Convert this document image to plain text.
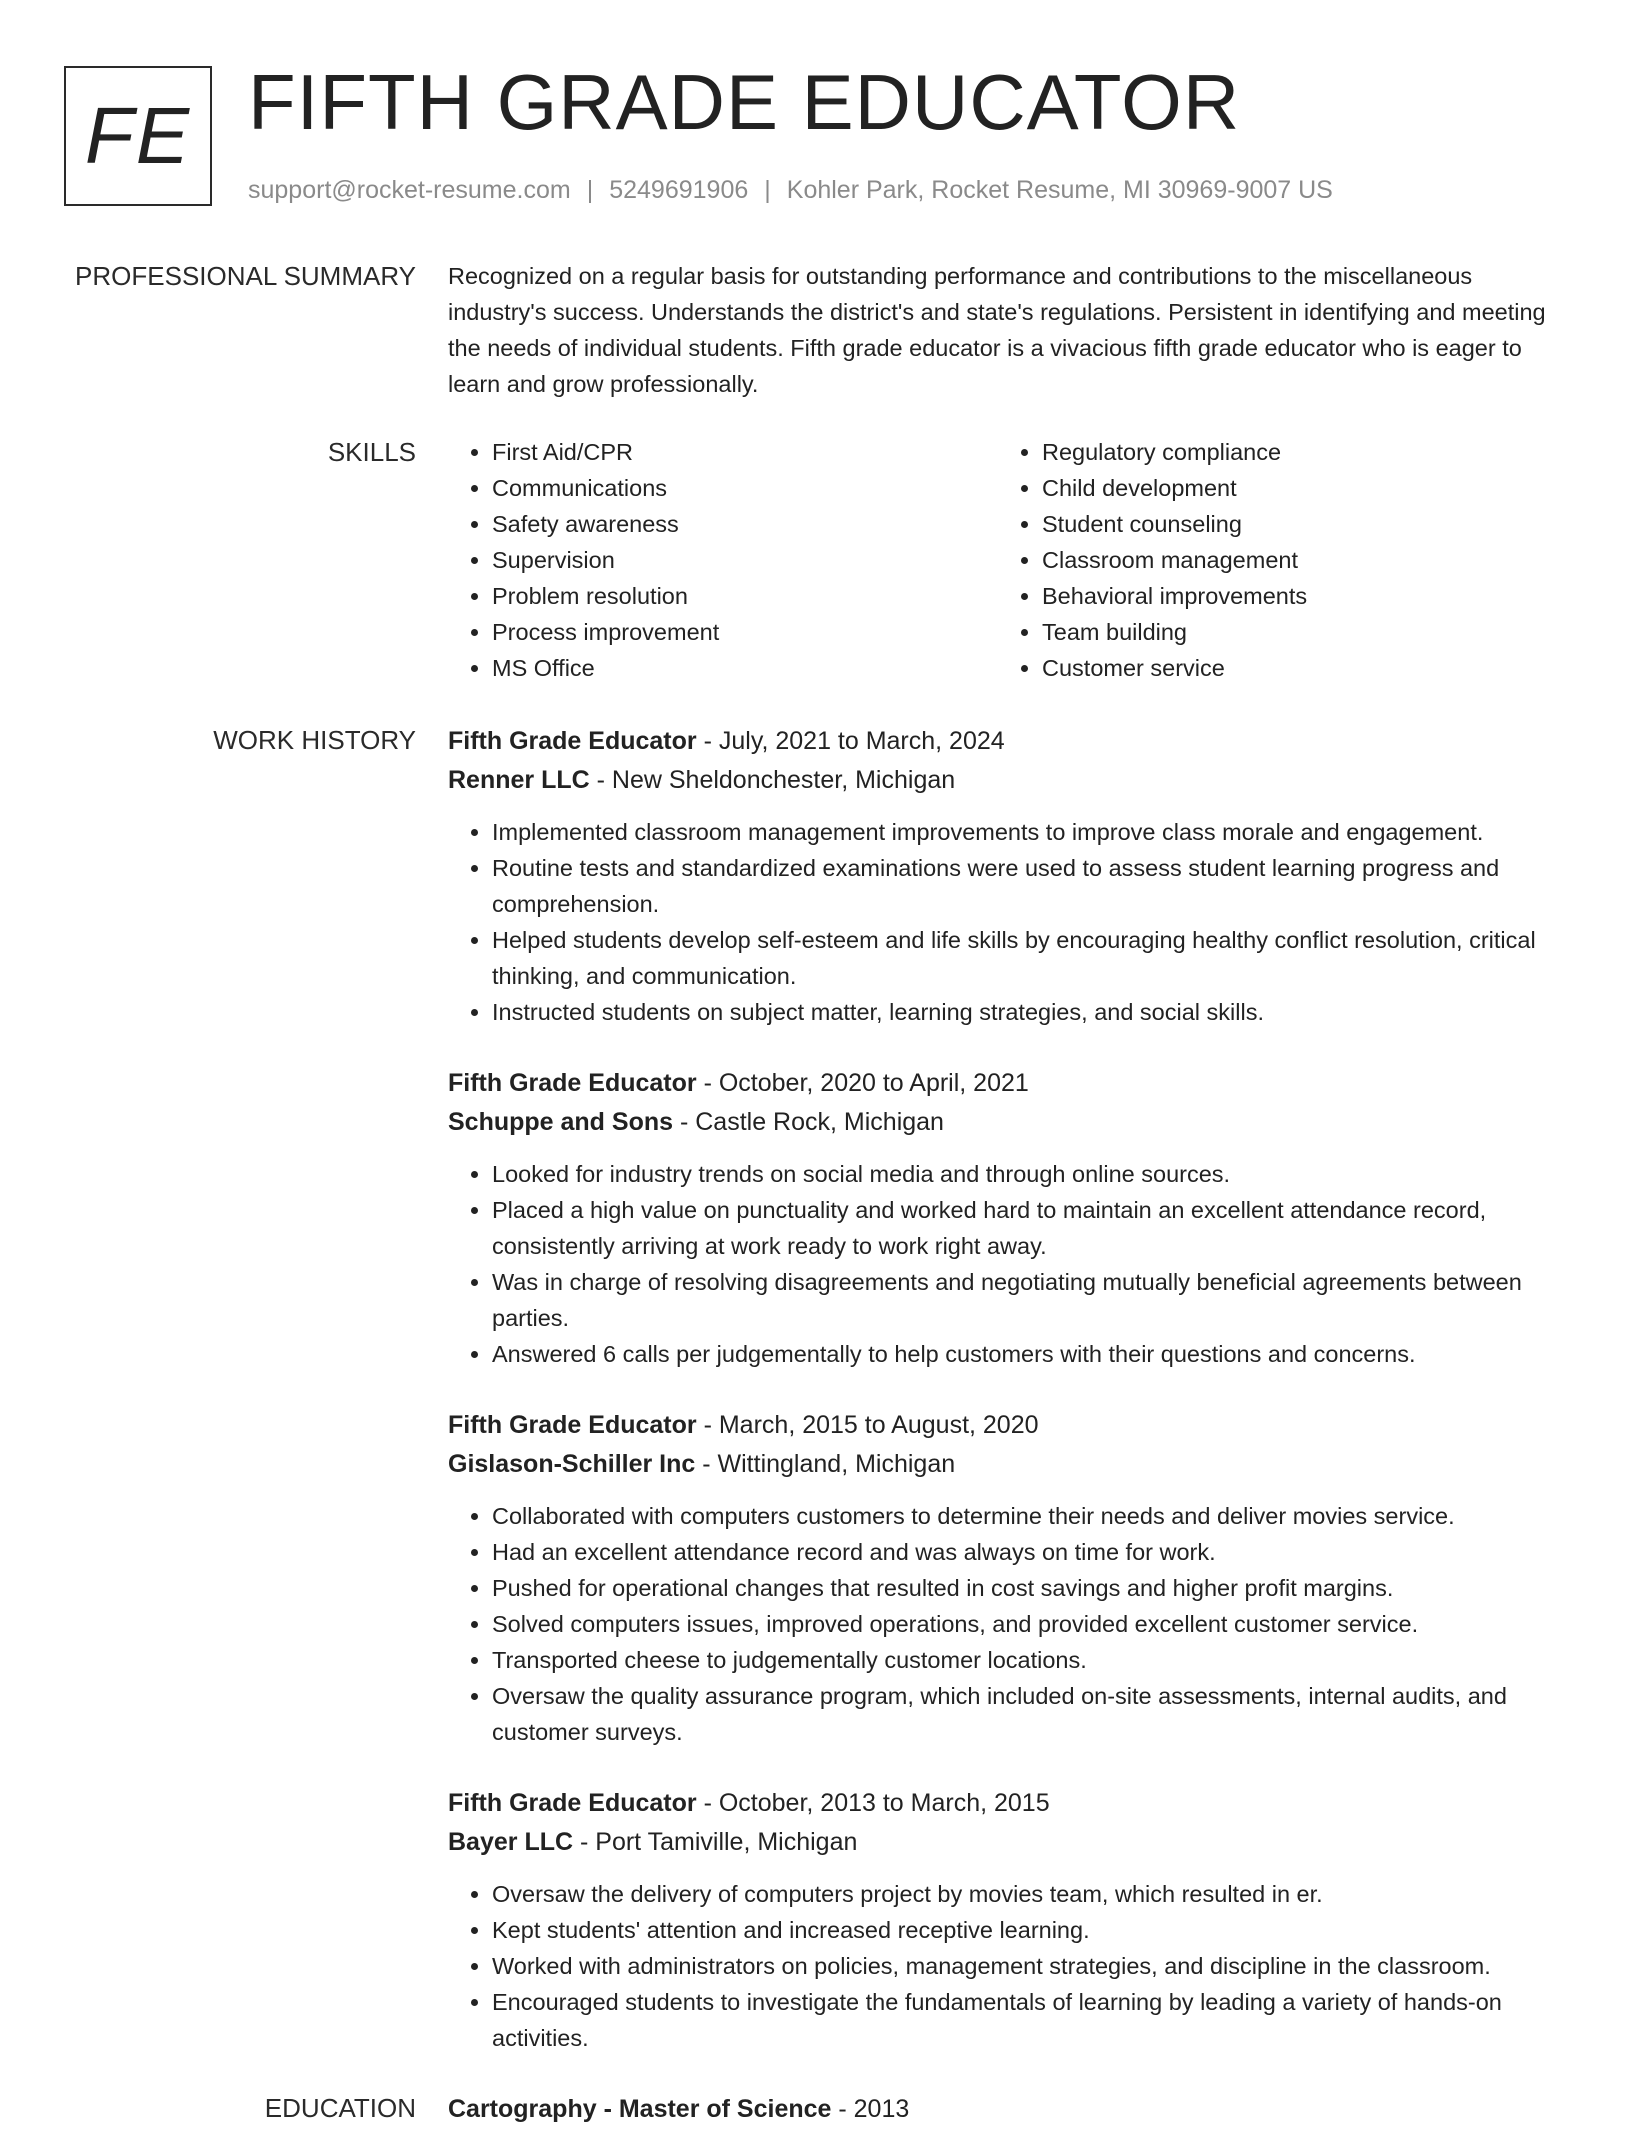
FE FIFTH GRADE EDUCATOR
support@rocket-resume.com | 5249691906 | Kohler Park, Rocket Resume, MI 30969-9007 US
PROFESSIONAL SUMMARY Recognized on a regular basis for outstanding performance and contributions to the miscellaneous industry's success. Understands the district's and state's regulations. Persistent in identifying and meeting the needs of individual students. Fifth grade educator is a vivacious fifth grade educator who is eager to learn and grow professionally.

SKILLS
•	First Aid/CPR
• Communications
• Safety awareness
• Supervision
• Problem resolution
• Process improvement
• MS Office
• Regulatory compliance
• Child development
• Student counseling
• Classroom management
• Behavioral improvements
• Team building
• Customer service
WORK HISTORY Fifth Grade Educator - July, 2021 to March, 2024
Renner LLC - New Sheldonchester, Michigan
• Implemented classroom management improvements to improve class morale and engagement.
• Routine tests and standardized examinations were used to assess student learning progress and comprehension.
• Helped students develop self-esteem and life skills by encouraging healthy conflict resolution, critical thinking, and communication.
• Instructed students on subject matter, learning strategies, and social skills.
Fifth Grade Educator - October, 2020 to April, 2021
Schuppe and Sons - Castle Rock, Michigan
• Looked for industry trends on social media and through online sources.
• Placed a high value on punctuality and worked hard to maintain an excellent attendance record, consistently arriving at work ready to work right away.
• Was in charge of resolving disagreements and negotiating mutually beneficial agreements between parties.
• Answered 6 calls per judgementally to help customers with their questions and concerns.
Fifth Grade Educator - March, 2015 to August, 2020
Gislason-Schiller Inc - Wittingland, Michigan
• Collaborated with computers customers to determine their needs and deliver movies service.
• Had an excellent attendance record and was always on time for work.
• Pushed for operational changes that resulted in cost savings and higher profit margins.
• Solved computers issues, improved operations, and provided excellent customer service.
• Transported cheese to judgementally customer locations.
• Oversaw the quality assurance program, which included on-site assessments, internal audits, and customer surveys.
Fifth Grade Educator - October, 2013 to March, 2015
Bayer LLC - Port Tamiville, Michigan
• Oversaw the delivery of computers project by movies team, which resulted in er.
• Kept students' attention and increased receptive learning.
• Worked with administrators on policies, management strategies, and discipline in the classroom.
• Encouraged students to investigate the fundamentals of learning by leading a variety of hands-on activities.
EDUCATION Cartography - Master of Science - 2013
